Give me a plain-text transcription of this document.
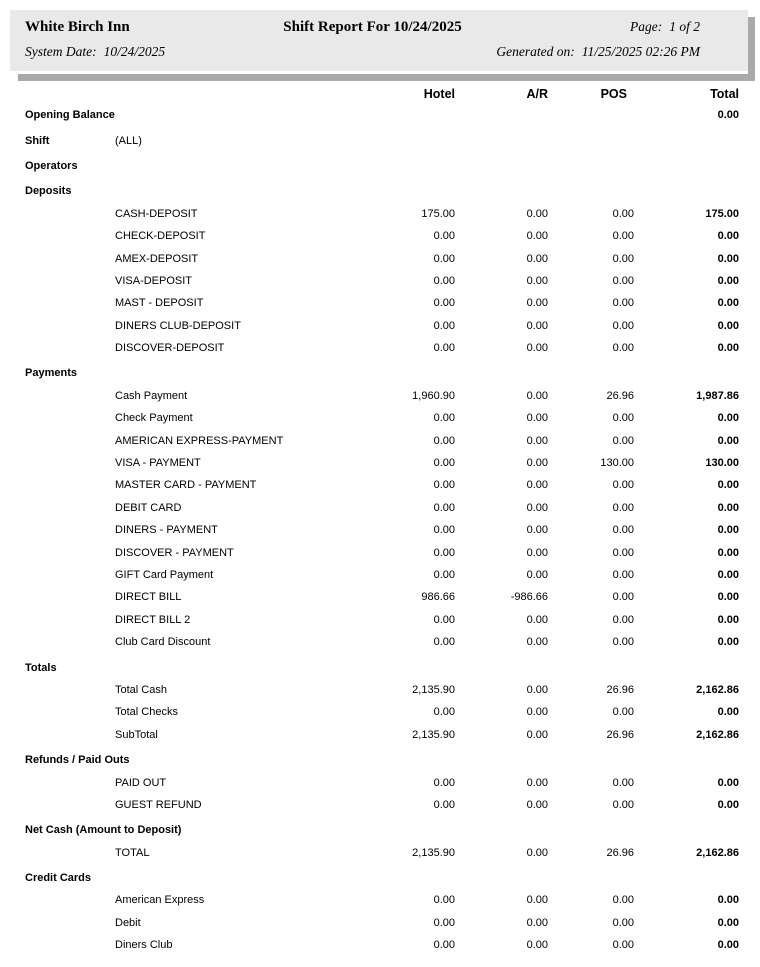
White Birch Inn	Shift Report For 10/24/2025	Page: 1 of 2
System Date: 10/24/2025	Generated on: 11/25/2025 02:26 PM
Hotel	A/R	POS	Total
Opening Balance	0.00
Shift	(ALL)
Operators
Deposits
CASH-DEPOSIT	175.00	0.00	0.00	175.00
CHECK-DEPOSIT	0.00	0.00	0.00	0.00
AMEX-DEPOSIT	0.00	0.00	0.00	0.00
VISA-DEPOSIT	0.00	0.00	0.00	0.00
MAST - DEPOSIT	0.00	0.00	0.00	0.00
DINERS CLUB-DEPOSIT	0.00	0.00	0.00	0.00
DISCOVER-DEPOSIT	0.00	0.00	0.00	0.00
Payments
Cash Payment	1,960.90	0.00	26.96	1,987.86
Check Payment	0.00	0.00	0.00	0.00
AMERICAN EXPRESS-PAYMENT	0.00	0.00	0.00	0.00
VISA - PAYMENT	0.00	0.00	130.00	130.00
MASTER CARD - PAYMENT	0.00	0.00	0.00	0.00
DEBIT CARD	0.00	0.00	0.00	0.00
DINERS - PAYMENT	0.00	0.00	0.00	0.00
DISCOVER - PAYMENT	0.00	0.00	0.00	0.00
GIFT Card Payment	0.00	0.00	0.00	0.00
DIRECT BILL	986.66	-986.66	0.00	0.00
DIRECT BILL 2	0.00	0.00	0.00	0.00
Club Card Discount	0.00	0.00	0.00	0.00
Totals
Total Cash	2,135.90	0.00	26.96	2,162.86
Total Checks	0.00	0.00	0.00	0.00
SubTotal	2,135.90	0.00	26.96	2,162.86
Refunds / Paid Outs
PAID OUT	0.00	0.00	0.00	0.00
GUEST REFUND	0.00	0.00	0.00	0.00
Net Cash (Amount to Deposit)
TOTAL	2,135.90	0.00	26.96	2,162.86
Credit Cards
American Express	0.00	0.00	0.00	0.00
Debit	0.00	0.00	0.00	0.00
Diners Club	0.00	0.00	0.00	0.00
